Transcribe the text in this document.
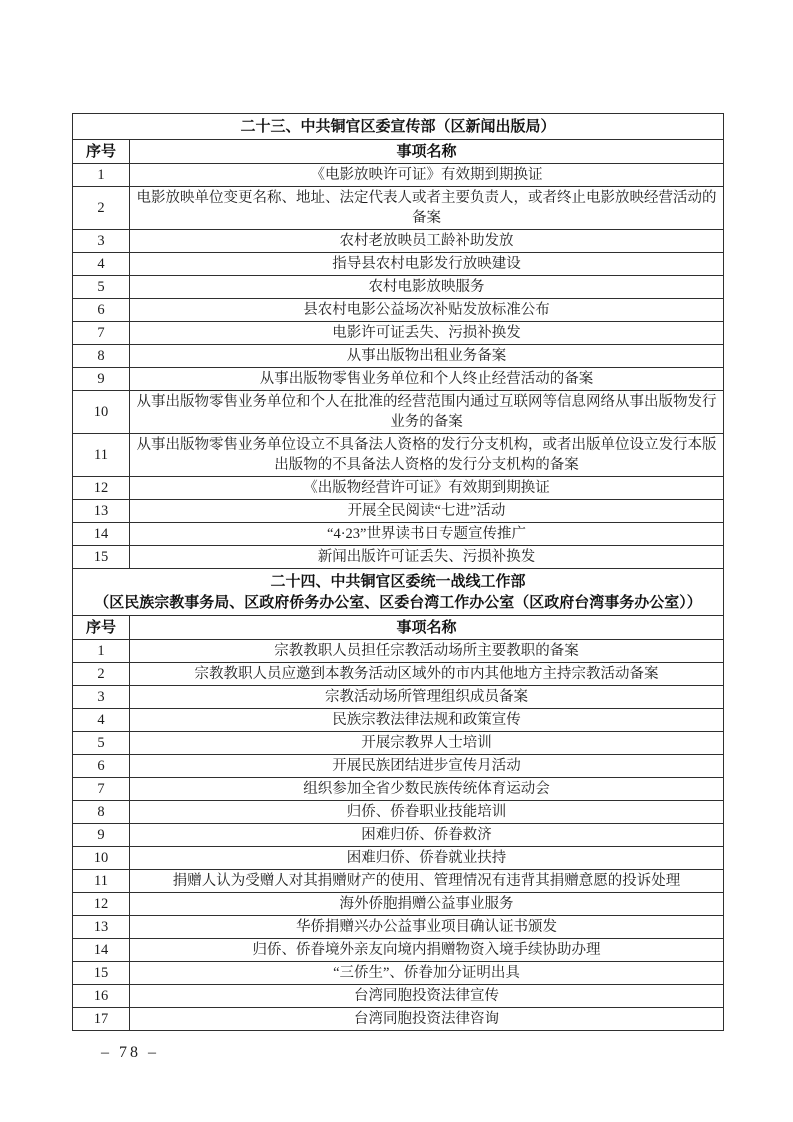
二十三、中共铜官区委宣传部（区新闻出版局）	

序号	事项名称
1	《电影放映许可证》有效期到期换证
2	电影放映单位变更名称、地址、法定代表人或者主要负责人，或者终止电影放映经营活动的备案
3	农村老放映员工龄补助发放
4	指导县农村电影发行放映建设
5	农村电影放映服务
6	县农村电影公益场次补贴发放标准公布
7	电影许可证丢失、污损补换发
8	从事出版物出租业务备案
9	从事出版物零售业务单位和个人终止经营活动的备案
10	从事出版物零售业务单位和个人在批准的经营范围内通过互联网等信息网络从事出版物发行业务的备案
11	从事出版物零售业务单位设立不具备法人资格的发行分支机构，或者出版单位设立发行本版出版物的不具备法人资格的发行分支机构的备案
12	《出版物经营许可证》有效期到期换证
13	开展全民阅读“七进”活动
14	“4·23”世界读书日专题宣传推广
15	新闻出版许可证丢失、污损补换发

二十四、中共铜官区委统一战线工作部
（区民族宗教事务局、区政府侨务办公室、区委台湾工作办公室（区政府台湾事务办公室））	

序号	事项名称
1	宗教教职人员担任宗教活动场所主要教职的备案
2	宗教教职人员应邀到本教务活动区域外的市内其他地方主持宗教活动备案
3	宗教活动场所管理组织成员备案
4	民族宗教法律法规和政策宣传
5	开展宗教界人士培训
6	开展民族团结进步宣传月活动
7	组织参加全省少数民族传统体育运动会
8	归侨、侨眷职业技能培训
9	困难归侨、侨眷救济
10	困难归侨、侨眷就业扶持
11	捐赠人认为受赠人对其捐赠财产的使用、管理情况有违背其捐赠意愿的投诉处理
12	海外侨胞捐赠公益事业服务
13	华侨捐赠兴办公益事业项目确认证书颁发
14	归侨、侨眷境外亲友向境内捐赠物资入境手续协助办理
15	“三侨生”、侨眷加分证明出具
16	台湾同胞投资法律宣传
17	台湾同胞投资法律咨询
– 78 –
